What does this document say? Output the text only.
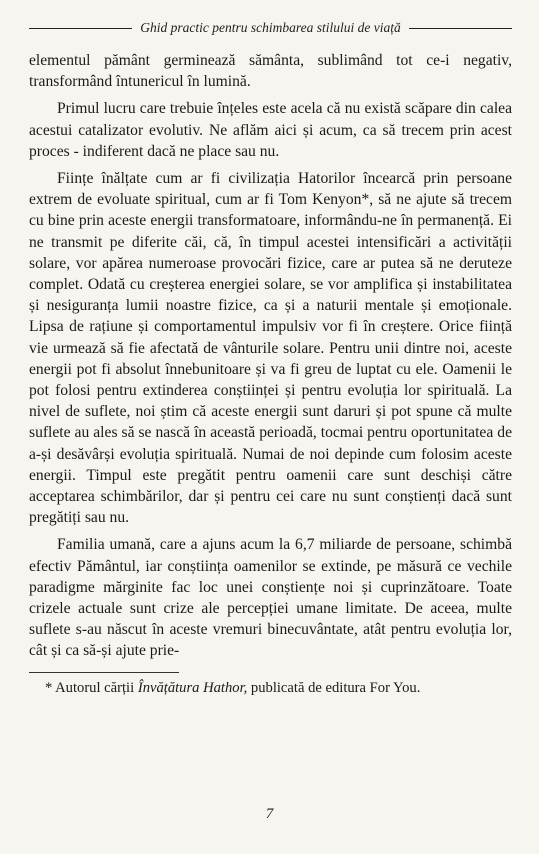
Ghid practic pentru schimbarea stilului de viață

elementul pământ germinează sământa, sublimând tot ce-i negativ, transformând întunericul în lumină.

Primul lucru care trebuie înțeles este acela că nu există scăpare din calea acestui catalizator evolutiv. Ne aflăm aici și acum, ca să trecem prin acest proces - indiferent dacă ne place sau nu.

Ființe înălțate cum ar fi civilizația Hatorilor încearcă prin persoane extrem de evoluate spiritual, cum ar fi Tom Kenyon*, să ne ajute să trecem cu bine prin aceste energii transformatoare, informându-ne în permanență. Ei ne transmit pe diferite căi, că, în timpul acestei intensificări a activității solare, vor apărea numeroase provocări fizice, care ar putea să ne deruteze complet. Odată cu creșterea energiei solare, se vor amplifica și instabilitatea și nesiguranța lumii noastre fizice, ca și a naturii mentale și emoționale. Lipsa de rațiune și comportamentul impulsiv vor fi în creștere. Orice ființă vie urmează să fie afectată de vânturile solare. Pentru unii dintre noi, aceste energii pot fi absolut înnebunitoare și va fi greu de luptat cu ele. Oamenii le pot folosi pentru extinderea conștiinței și pentru evoluția lor spirituală. La nivel de suflete, noi știm că aceste energii sunt daruri și pot spune că multe suflete au ales să se nască în această perioadă, tocmai pentru oportunitatea de a-și desăvârși evoluția spirituală. Numai de noi depinde cum folosim aceste energii. Timpul este pregătit pentru oamenii care sunt deschiși către acceptarea schimbărilor, dar și pentru cei care nu sunt conștienți dacă sunt pregătiți sau nu.

Familia umană, care a ajuns acum la 6,7 miliarde de persoane, schimbă efectiv Pământul, iar conștiința oamenilor se extinde, pe măsură ce vechile paradigme mărginite fac loc unei conștiențe noi și cuprinzătoare. Toate crizele actuale sunt crize ale percepției umane limitate. De aceea, multe suflete s-au născut în aceste vremuri binecuvântate, atât pentru evoluția lor, cât și ca să-și ajute prie-

* Autorul cărții Învățătura Hathor, publicată de editura For You.
7
